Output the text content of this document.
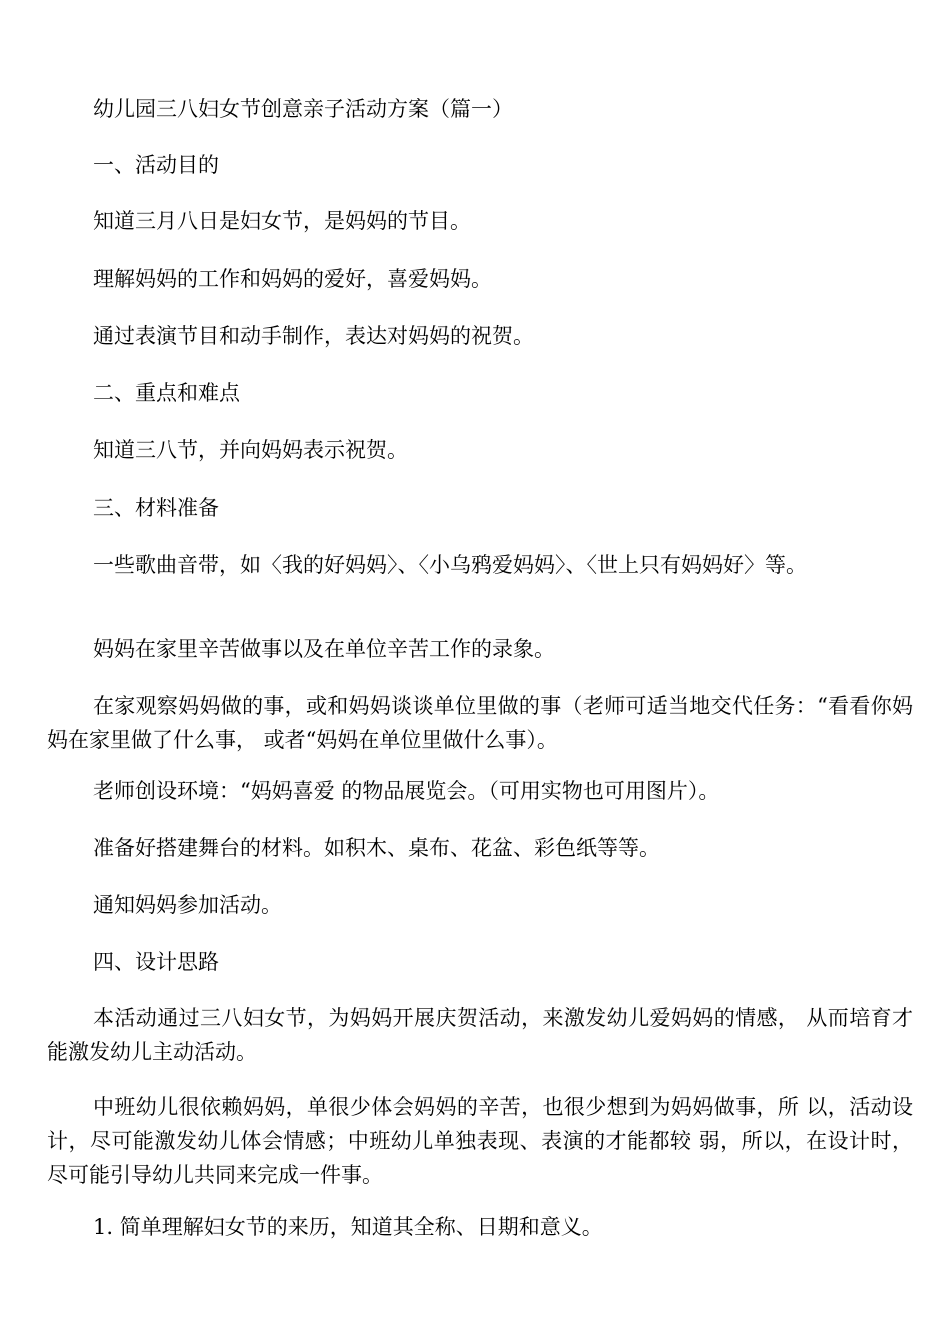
幼儿园三八妇女节创意亲子活动方案（篇一）

一、活动目的

知道三月八日是妇女节，是妈妈的节目。

理解妈妈的工作和妈妈的爱好，喜爱妈妈。

通过表演节目和动手制作，表达对妈妈的祝贺。

二、重点和难点

知道三八节，并向妈妈表示祝贺。

三、材料准备

一些歌曲音带，如〈我的好妈妈〉、〈小乌鸦爱妈妈〉、〈世上只有妈妈好〉等。

妈妈在家里辛苦做事以及在单位辛苦工作的录象。

在家观察妈妈做的事，或和妈妈谈谈单位里做的事（老师可适当地交代任务：“看看你妈妈在家里做了什么事， 或者“妈妈在单位里做什么事）。

老师创设环境：“妈妈喜爱 的物品展览会。（可用实物也可用图片）。

准备好搭建舞台的材料。如积木、桌布、花盆、彩色纸等等。

通知妈妈参加活动。

四、设计思路

本活动通过三八妇女节，为妈妈开展庆贺活动，来激发幼儿爱妈妈的情感， 从而培育才能激发幼儿主动活动。

中班幼儿很依赖妈妈，单很少体会妈妈的辛苦，也很少想到为妈妈做事，所 以，活动设计，尽可能激发幼儿体会情感；中班幼儿单独表现、表演的才能都较 弱，所以，在设计时，尽可能引导幼儿共同来完成一件事。

1. 简单理解妇女节的来历，知道其全称、日期和意义。
